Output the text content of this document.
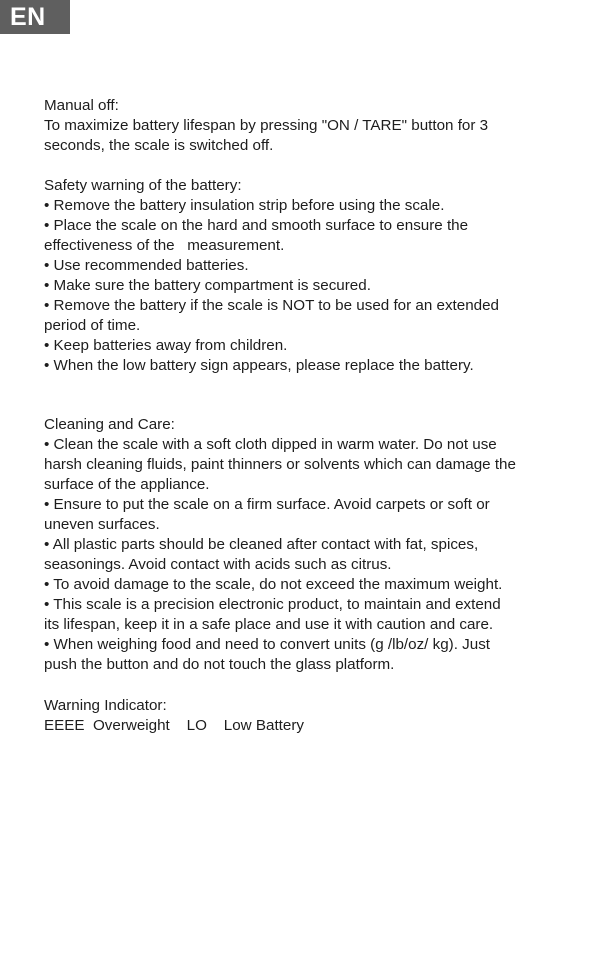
EN
Manual off:
To maximize battery lifespan by pressing "ON / TARE" button for 3
seconds, the scale is switched off.
Safety warning of the battery:
• Remove the battery insulation strip before using the scale.
• Place the scale on the hard and smooth surface to ensure the
effectiveness of the   measurement.
• Use recommended batteries.
• Make sure the battery compartment is secured.
• Remove the battery if the scale is NOT to be used for an extended
period of time.
• Keep batteries away from children.
• When the low battery sign appears, please replace the battery.
Cleaning and Care:
• Clean the scale with a soft cloth dipped in warm water. Do not use
harsh cleaning fluids, paint thinners or solvents which can damage the
surface of the appliance.
• Ensure to put the scale on a firm surface. Avoid carpets or soft or
uneven surfaces.
• All plastic parts should be cleaned after contact with fat, spices,
seasonings. Avoid contact with acids such as citrus.
• To avoid damage to the scale, do not exceed the maximum weight.
• This scale is a precision electronic product, to maintain and extend
its lifespan, keep it in a safe place and use it with caution and care.
• When weighing food and need to convert units (g /lb/oz/ kg). Just
push the button and do not touch the glass platform.
Warning Indicator:
EEEE  Overweight    LO    Low Battery
